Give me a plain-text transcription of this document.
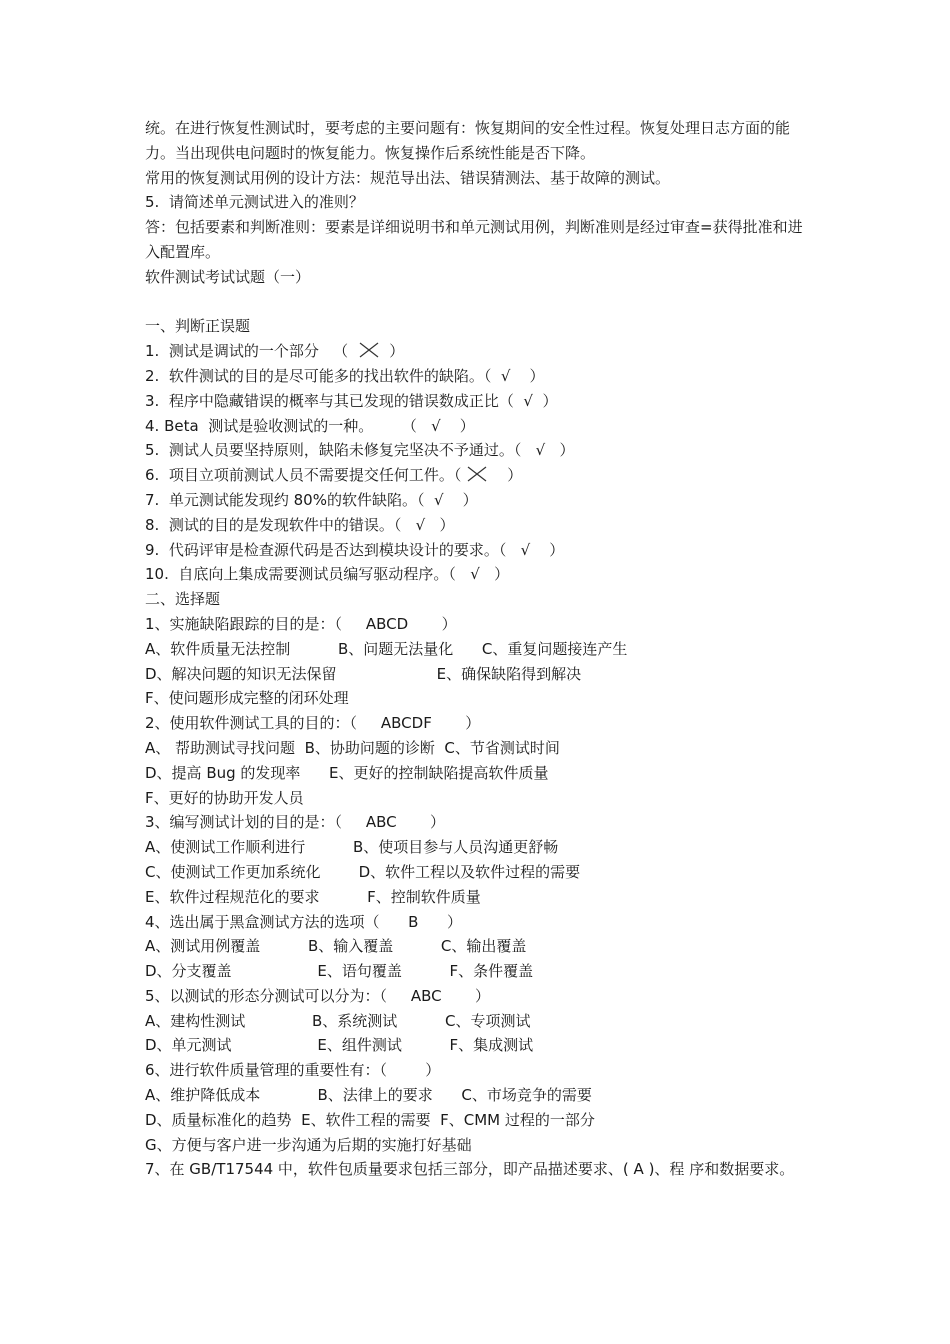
统。在进行恢复性测试时，要考虑的主要问题有：恢复期间的安全性过程。恢复处理日志方面的能力。当出现供电问题时的恢复能力。恢复操作后系统性能是否下降。
常用的恢复测试用例的设计方法：规范导出法、错误猜测法、基于故障的测试。
5.  请简述单元测试进入的准则？
答：包括要素和判断准则：要素是详细说明书和单元测试用例，判断准则是经过审查=获得批准和进入配置库。
软件测试考试试题（一）
一、判断正误题
1.  测试是调试的一个部分   （    ）
2.  软件测试的目的是尽可能多的找出软件的缺陷。（  √    ）
3.  程序中隐藏错误的概率与其已发现的错误数成正比（  √  ）
4. Beta  测试是验收测试的一种。      （   √    ）
5.  测试人员要坚持原则，缺陷未修复完坚决不予通过。（   √   ）
6.  项目立项前测试人员不需要提交任何工件。（     ）
7.  单元测试能发现约 80%的软件缺陷。（  √    ）
8.  测试的目的是发现软件中的错误。（   √   ）
9.  代码评审是检查源代码是否达到模块设计的要求。（   √    ）
10.  自底向上集成需要测试员编写驱动程序。（   √   ）
二、选择题
1、实施缺陷跟踪的目的是：（     ABCD       ）
A、软件质量无法控制          B、问题无法量化      C、重复问题接连产生
D、解决问题的知识无法保留                     E、确保缺陷得到解决
F、使问题形成完整的闭环处理
2、使用软件测试工具的目的：（     ABCDF       ）
A、 帮助测试寻找问题  B、协助问题的诊断  C、节省测试时间
D、提高 Bug 的发现率      E、更好的控制缺陷提高软件质量
F、更好的协助开发人员
3、编写测试计划的目的是：（     ABC       ）
A、使测试工作顺利进行          B、使项目参与人员沟通更舒畅
C、使测试工作更加系统化        D、软件工程以及软件过程的需要
E、软件过程规范化的要求          F、控制软件质量
4、选出属于黑盒测试方法的选项（      B      ）
A、测试用例覆盖          B、输入覆盖          C、输出覆盖
D、分支覆盖                  E、语句覆盖          F、条件覆盖
5、以测试的形态分测试可以分为：（     ABC       ）
A、建构性测试              B、系统测试          C、专项测试
D、单元测试                  E、组件测试          F、集成测试
6、进行软件质量管理的重要性有：（        ）
A、维护降低成本            B、法律上的要求      C、市场竞争的需要
D、质量标准化的趋势  E、软件工程的需要  F、CMM 过程的一部分
G、方便与客户进一步沟通为后期的实施打好基础
7、在 GB/T17544 中，软件包质量要求包括三部分，即产品描述要求、( A )、程 序和数据要求。
